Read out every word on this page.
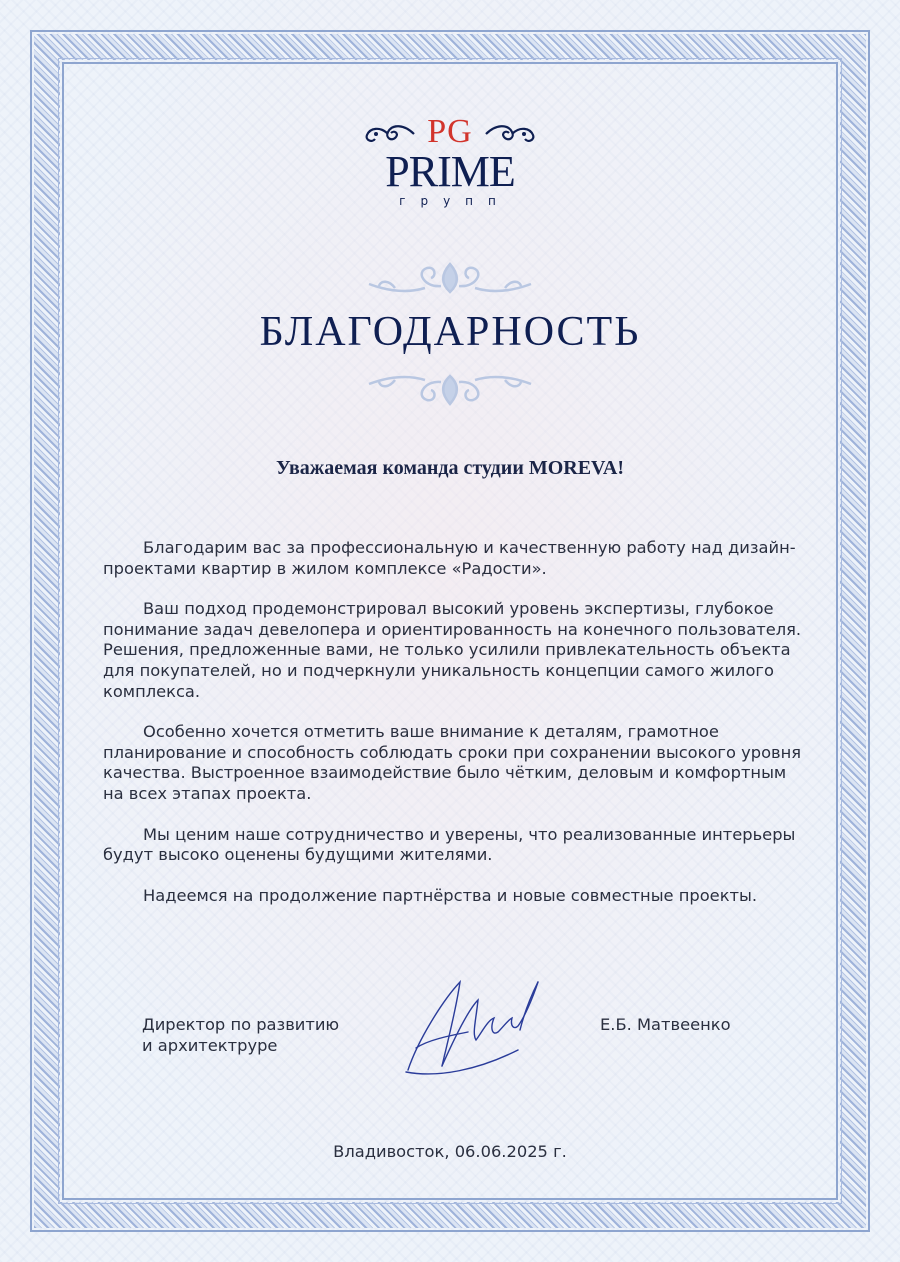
PG
PRIME
групп
БЛАГОДАРНОСТЬ
Уважаемая команда студии MOREVA!

Благодарим вас за профессиональную и качественную работу над дизайн-проектами квартир в жилом комплексе «Радости».

Ваш подход продемонстрировал высокий уровень экспертизы, глубокое понимание задач девелопера и ориентированность на конечного пользователя. Решения, предложенные вами, не только усилили привлекательность объекта для покупателей, но и подчеркнули уникальность концепции самого жилого комплекса.

Особенно хочется отметить ваше внимание к деталям, грамотное планирование и способность соблюдать сроки при сохранении высокого уровня качества. Выстроенное взаимодействие было чётким, деловым и комфортным на всех этапах проекта.

Мы ценим наше сотрудничество и уверены, что реализованные интерьеры будут высоко оценены будущими жителями.

Надеемся на продолжение партнёрства и новые совместные проекты.

Директор по развитию
и архитектруре
Е.Б. Матвеенко
Владивосток, 06.06.2025 г.
